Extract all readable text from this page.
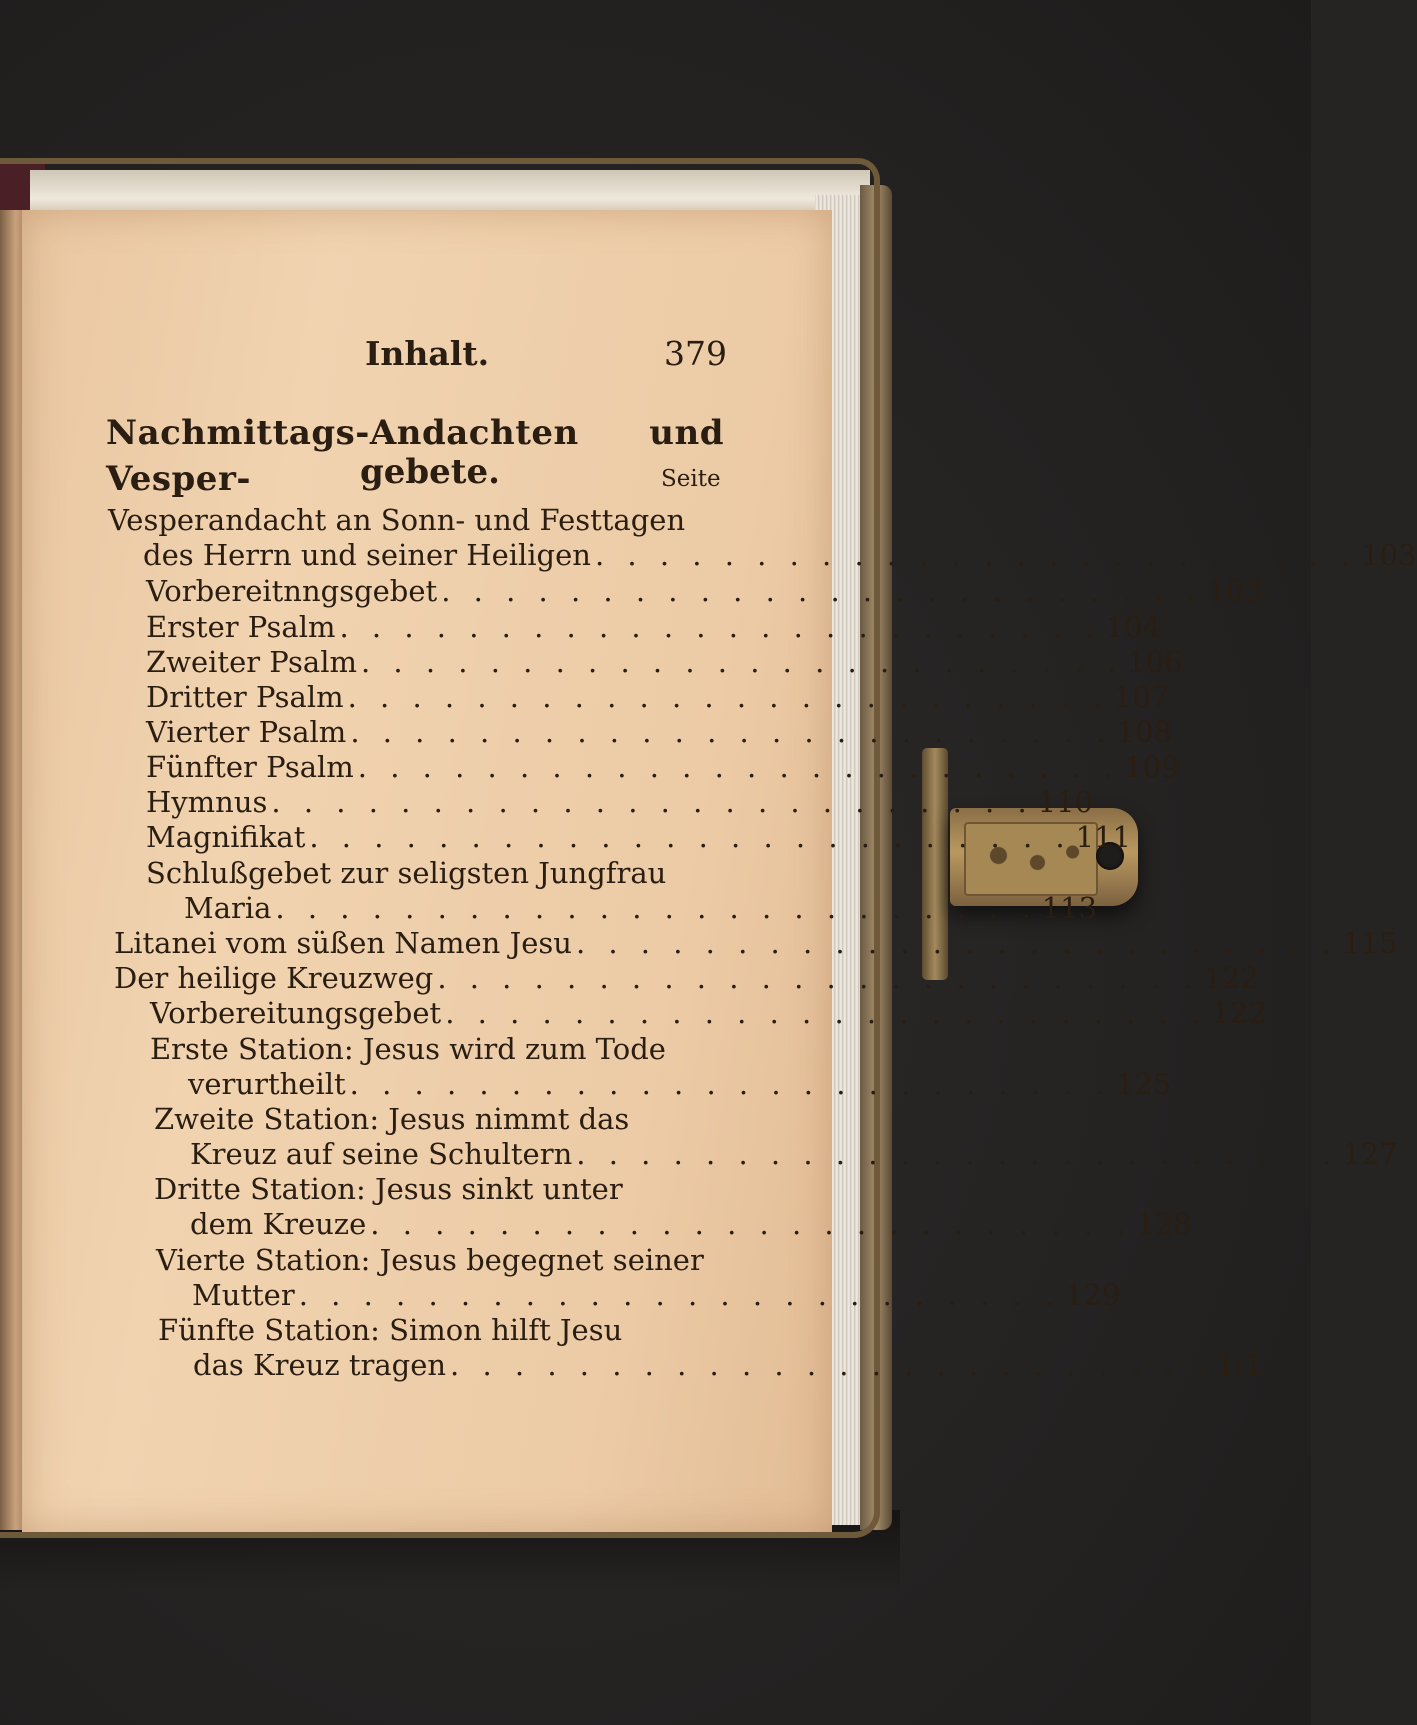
Inhalt.	379
Nachmittags-Andachten und Vesper-	gebete.	Seite
Vesperandacht an Sonn- und Festtagen
des Herrn und seiner Heiligen . . . . . . . . . . . . . . . . . . . . . . . . 103
Vorbereitnngsgebet . . . . . . . . . . . . . . . . . . . . . . . . 103
Erster Psalm . . . . . . . . . . . . . . . . . . . . . . . . 104
Zweiter Psalm . . . . . . . . . . . . . . . . . . . . . . . . 106
Dritter Psalm . . . . . . . . . . . . . . . . . . . . . . . . 107
Vierter Psalm . . . . . . . . . . . . . . . . . . . . . . . . 108
Fünfter Psalm . . . . . . . . . . . . . . . . . . . . . . . . 109
Hymnus . . . . . . . . . . . . . . . . . . . . . . . . 110
Magnifikat . . . . . . . . . . . . . . . . . . . . . . . . 111
Schlußgebet zur seligsten Jungfrau
Maria . . . . . . . . . . . . . . . . . . . . . . . . 113
Litanei vom süßen Namen Jesu . . . . . . . . . . . . . . . . . . . . . . . . 115
Der heilige Kreuzweg . . . . . . . . . . . . . . . . . . . . . . . . 122
Vorbereitungsgebet . . . . . . . . . . . . . . . . . . . . . . . . 122
Erste Station: Jesus wird zum Tode
verurtheilt . . . . . . . . . . . . . . . . . . . . . . . . 125
Zweite Station: Jesus nimmt das
Kreuz auf seine Schultern . . . . . . . . . . . . . . . . . . . . . . . . 127
Dritte Station: Jesus sinkt unter
dem Kreuze . . . . . . . . . . . . . . . . . . . . . . . . 128
Vierte Station: Jesus begegnet seiner
Mutter . . . . . . . . . . . . . . . . . . . . . . . . 129
Fünfte Station: Simon hilft Jesu
das Kreuz tragen . . . . . . . . . . . . . . . . . . . . . . . . 1:1
